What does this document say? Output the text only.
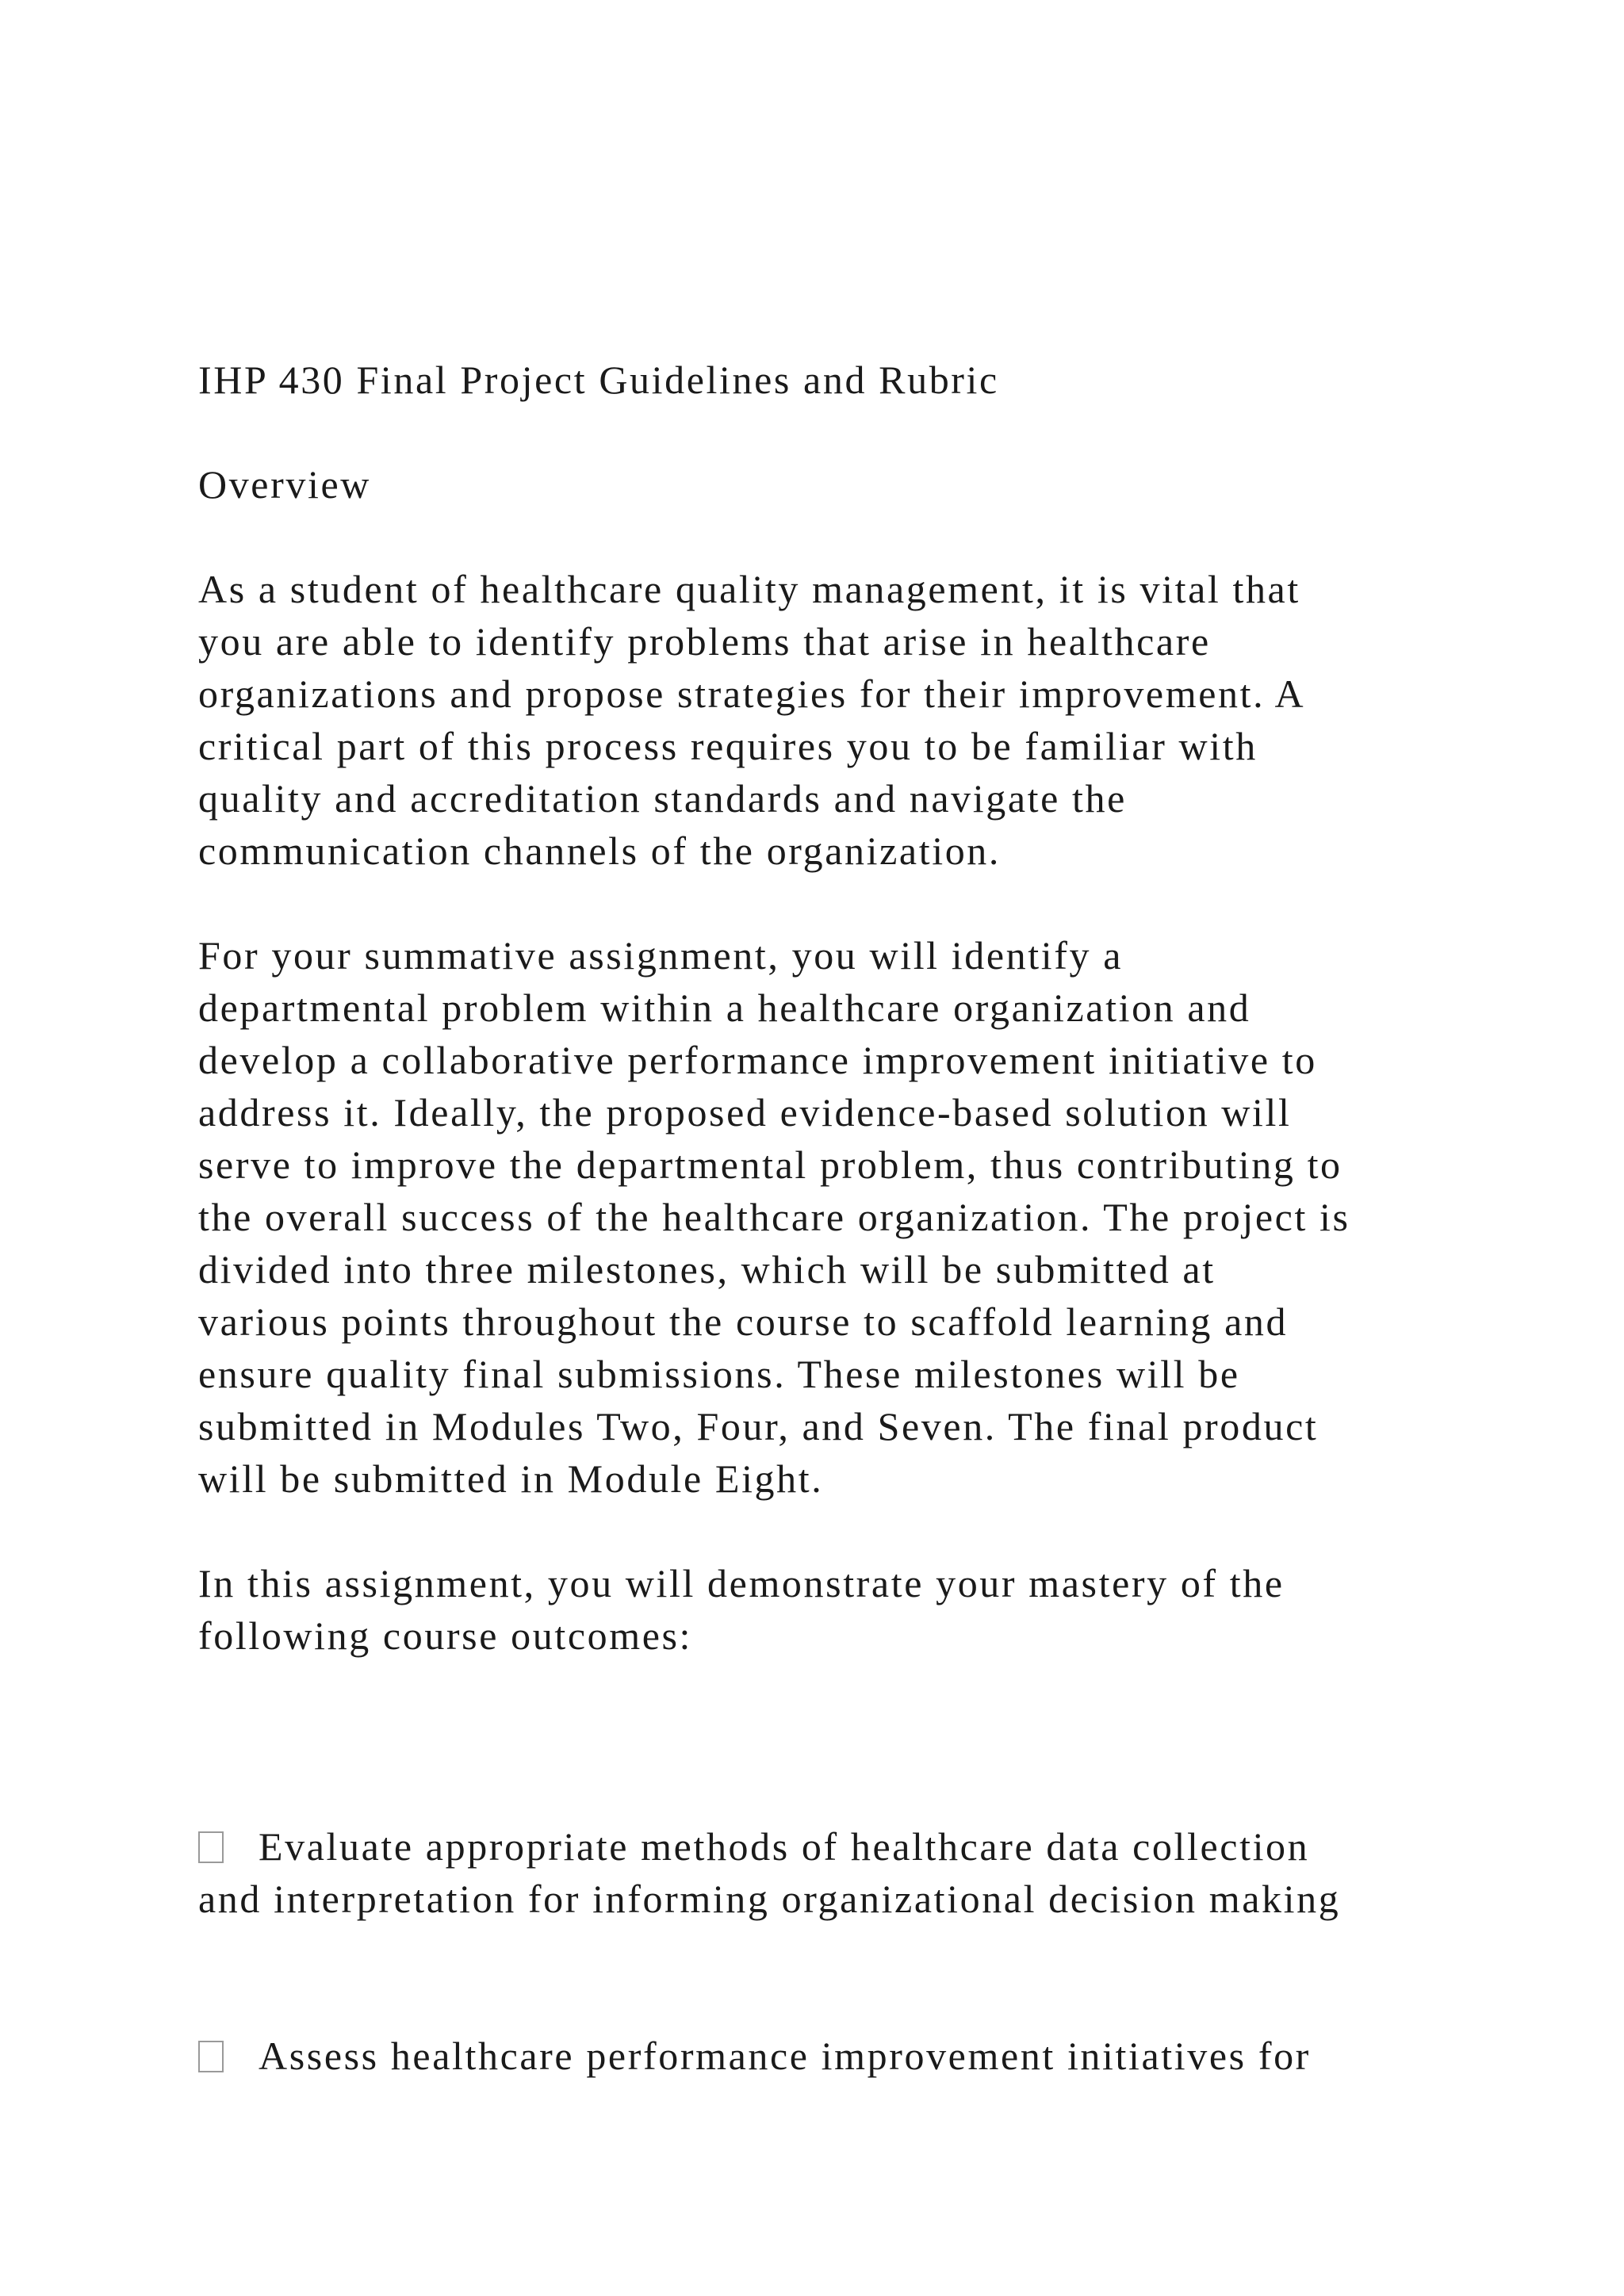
IHP 430 Final Project Guidelines and Rubric
Overview
As a student of healthcare quality management, it is vital that
you are able to identify problems that arise in healthcare
organizations and propose strategies for their improvement. A
critical part of this process requires you to be familiar with
quality and accreditation standards and navigate the
communication channels of the organization.
For your summative assignment, you will identify a
departmental problem within a healthcare organization and
develop a collaborative performance improvement initiative to
address it. Ideally, the proposed evidence-based solution will
serve to improve the departmental problem, thus contributing to
the overall success of the healthcare organization. The project is
divided into three milestones, which will be submitted at
various points throughout the course to scaffold learning and
ensure quality final submissions. These milestones will be
submitted in Modules Two, Four, and Seven. The final product
will be submitted in Module Eight.
In this assignment, you will demonstrate your mastery of the
following course outcomes:
Evaluate appropriate methods of healthcare data collection
and interpretation for informing organizational decision making
Assess healthcare performance improvement initiatives for
